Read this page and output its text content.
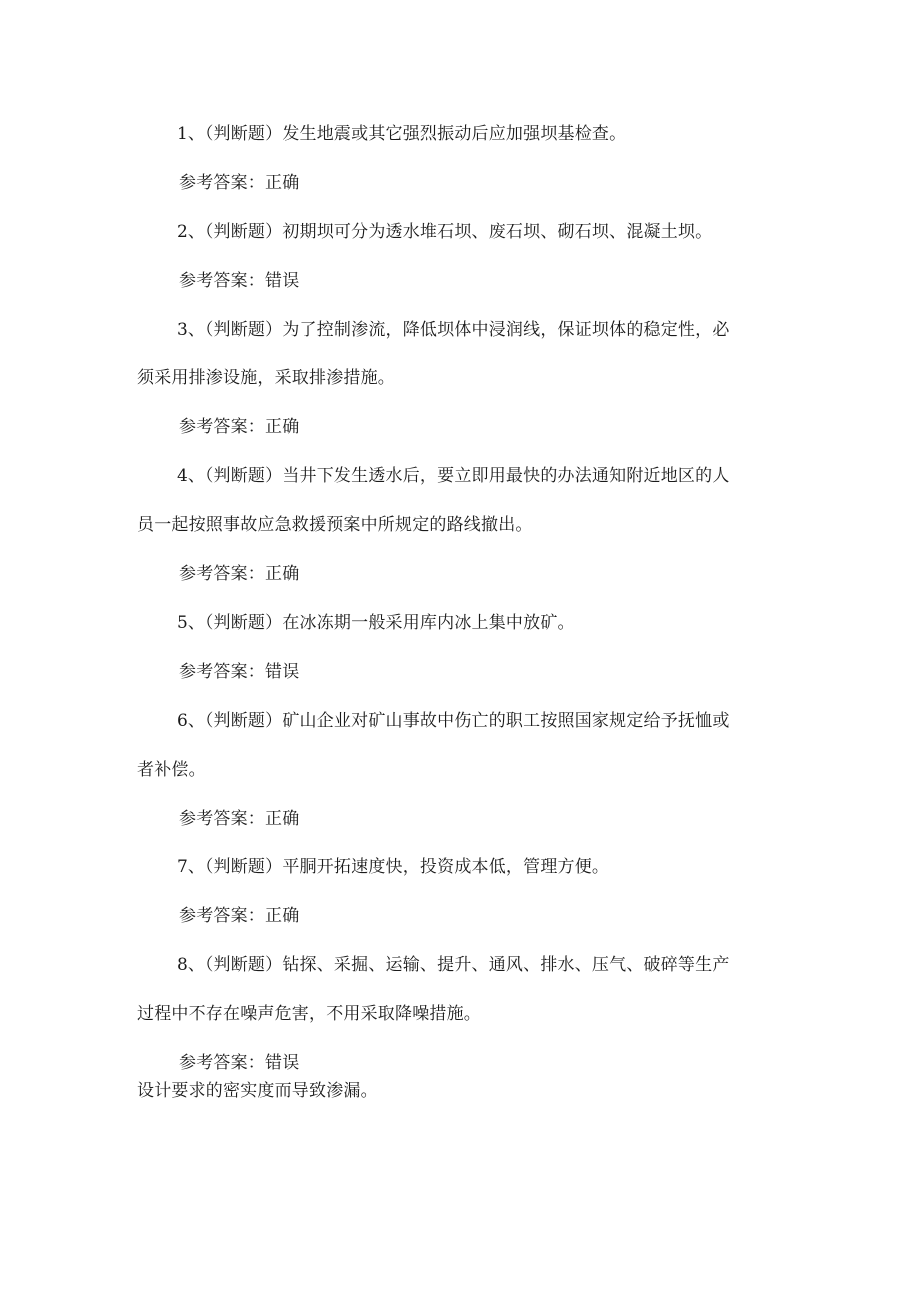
1、（判断题）发生地震或其它强烈振动后应加强坝基检查。
参考答案：正确
2、（判断题）初期坝可分为透水堆石坝、废石坝、砌石坝、混凝土坝。
参考答案：错误
3、（判断题）为了控制渗流，降低坝体中浸润线，保证坝体的稳定性，必
须采用排渗设施，采取排渗措施。
参考答案：正确
4、（判断题）当井下发生透水后，要立即用最快的办法通知附近地区的人
员一起按照事故应急救援预案中所规定的路线撤出。
参考答案：正确
5、（判断题）在冰冻期一般采用库内冰上集中放矿。
参考答案：错误
6、（判断题）矿山企业对矿山事故中伤亡的职工按照国家规定给予抚恤或
者补偿。
参考答案：正确
7、（判断题）平胴开拓速度快，投资成本低，管理方便。
参考答案：正确
8、（判断题）钻探、采掘、运输、提升、通风、排水、压气、破碎等生产
过程中不存在噪声危害，不用采取降噪措施。
参考答案：错误
设计要求的密实度而导致渗漏。
